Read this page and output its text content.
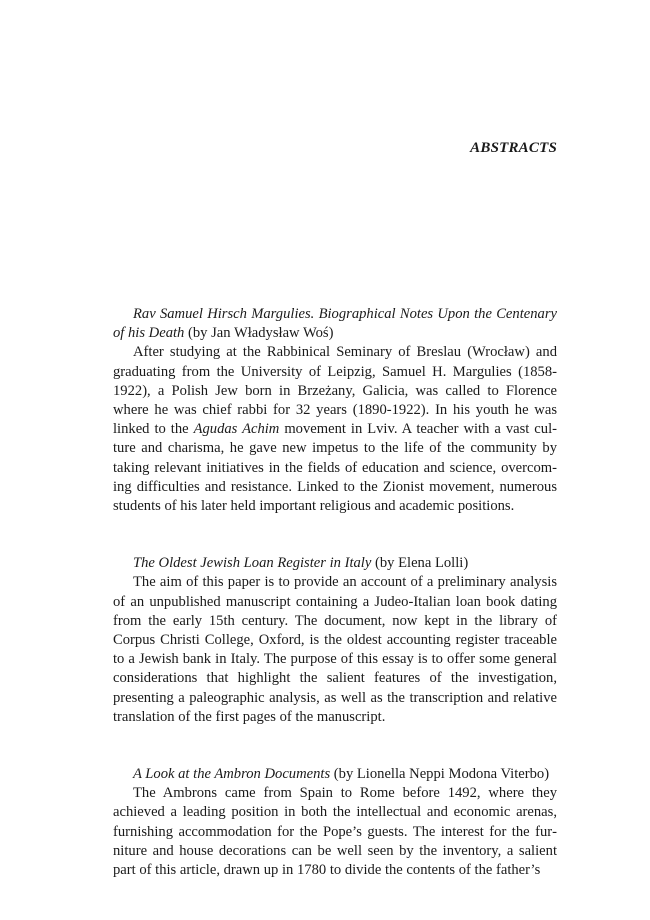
ABSTRACTS

Rav Samuel Hirsch Margulies. Biographical Notes Upon the Centenary of his Death (by Jan Władysław Woś)

After studying at the Rabbinical Seminary of Breslau (Wrocław) and graduating from the University of Leipzig, Samuel H. Margulies (1858-1922), a Polish Jew born in Brzeżany, Galicia, was called to Florence where he was chief rabbi for 32 years (1890-1922). In his youth he was linked to the Agudas Achim movement in Lviv. A teacher with a vast culture and charisma, he gave new impetus to the life of the community by taking relevant initiatives in the fields of education and science, overcoming difficulties and resistance. Linked to the Zionist movement, numerous students of his later held important religious and academic positions.

The Oldest Jewish Loan Register in Italy (by Elena Lolli)

The aim of this paper is to provide an account of a preliminary analysis of an unpublished manuscript containing a Judeo-Italian loan book dating from the early 15th century. The document, now kept in the library of Corpus Christi College, Oxford, is the oldest accounting register traceable to a Jewish bank in Italy. The purpose of this essay is to offer some general considerations that highlight the salient features of the investigation, presenting a paleographic analysis, as well as the transcription and relative translation of the first pages of the manuscript.

A Look at the Ambron Documents (by Lionella Neppi Modona Viterbo)

The Ambrons came from Spain to Rome before 1492, where they achieved a leading position in both the intellectual and economic arenas, furnishing accommodation for the Pope’s guests. The interest for the furniture and house decorations can be well seen by the inventory, a salient part of this article, drawn up in 1780 to divide the contents of the father’s
